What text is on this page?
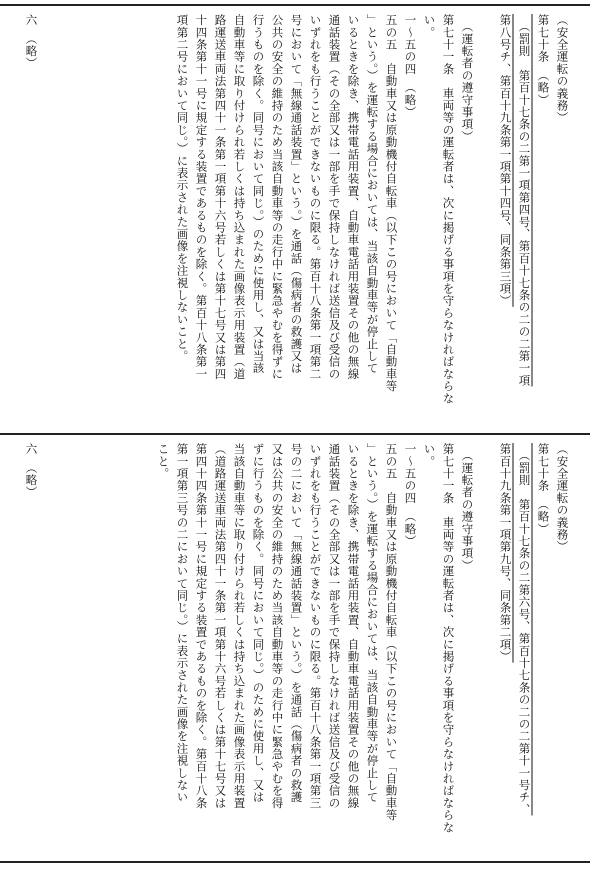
（安全運転の義務）
第七十条　（略）
　（罰則　第百十七条の二第一項第四号、第百十七条の二の二第一項
第八号チ、第百十九条第一項第十四号、同条第三項）
　（運転者の遵守事項）
第七十一条　車両等の運転者は、次に掲げる事項を守らなければならな
い。
一〜五の四　（略）
五の五　自動車又は原動機付自転車（以下この号において「自動車等
」という。）を運転する場合においては、当該自動車等が停止して
いるときを除き、携帯電話用装置、自動車電話用装置その他の無線
通話装置（その全部又は一部を手で保持しなければ送信及び受信の
いずれをも行うことができないものに限る。第百十八条第一項第二
号において「無線通話装置」という。）を通話（傷病者の救護又は
公共の安全の維持のため当該自動車等の走行中に緊急やむを得ずに
行うものを除く。同号において同じ。）のために使用し、又は当該
自動車等に取り付けられ若しくは持ち込まれた画像表示用装置（道
路運送車両法第四十一条第一項第十六号若しくは第十七号又は第四
十四条第十一号に規定する装置であるものを除く。第百十八条第一
項第二号において同じ。）に表示された画像を注視しないこと。
六　（略）
（安全運転の義務）
第七十条　（略）
　（罰則　第百十七条の二第六号、第百十七条の二の二第十一号チ、
第百十九条第一項第九号、同条第二項）
　（運転者の遵守事項）
第七十一条　車両等の運転者は、次に掲げる事項を守らなければならな
い。
一〜五の四　（略）
五の五　自動車又は原動機付自転車（以下この号において「自動車等
」という。）を運転する場合においては、当該自動車等が停止して
いるときを除き、携帯電話用装置、自動車電話用装置その他の無線
通話装置（その全部又は一部を手で保持しなければ送信及び受信の
いずれをも行うことができないものに限る。第百十八条第一項第三
号の二において「無線通話装置」という。）を通話（傷病者の救護
又は公共の安全の維持のため当該自動車等の走行中に緊急やむを得
ずに行うものを除く。同号において同じ。）のために使用し、又は
当該自動車等に取り付けられ若しくは持ち込まれた画像表示用装置
（道路運送車両法第四十一条第一項第十六号若しくは第十七号又は
第四十四条第十一号に規定する装置であるものを除く。第百十八条
第一項第三号の二において同じ。）に表示された画像を注視しない
こと。
六　（略）
